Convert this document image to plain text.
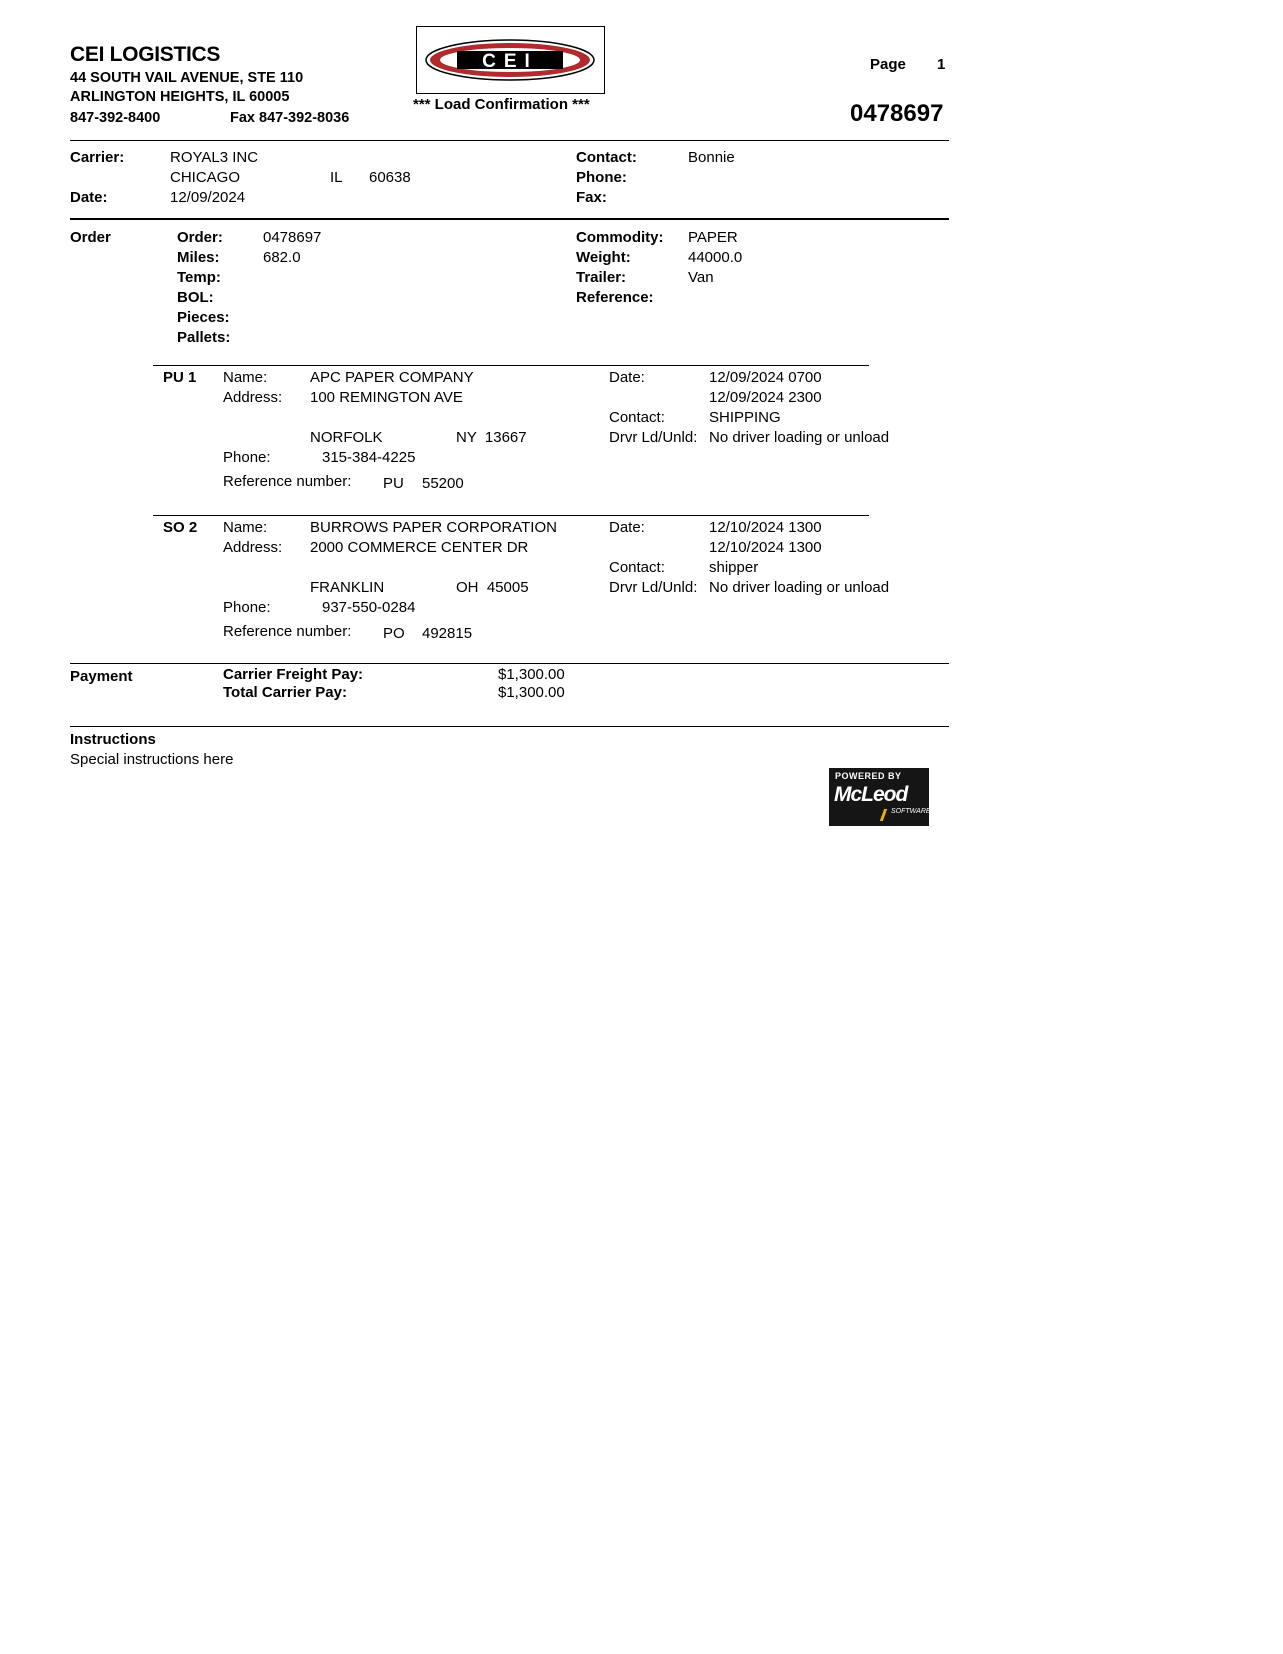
CEI LOGISTICS
44 SOUTH VAIL AVENUE, STE 110
ARLINGTON HEIGHTS, IL 60005
847-392-8400	Fax 847-392-8036
CEI
*** Load Confirmation ***
Page 1
0478697
Carrier:	ROYAL3 INC
CHICAGO	IL 60638
Date:	12/09/2024
Contact:	Bonnie
Phone:
Fax:
Order	Order:	0478697
Miles:	682.0
Temp:
BOL:
Pieces:
Pallets:
Commodity: PAPER
Weight:	44000.0
Trailer:	Van
Reference:
PU 1 Name:	APC PAPER COMPANY
Address: 100 REMINGTON AVE
NORFOLK	NY  13667
Phone:	315-384-4225
Reference number: PU 55200
Date:	12/09/2024 0700
12/09/2024 2300
Contact:	SHIPPING
Drvr Ld/Unld: No driver loading or unload
SO 2 Name:	BURROWS PAPER CORPORATION
Address: 2000 COMMERCE CENTER DR
FRANKLIN	OH  45005
Phone:	937-550-0284
Reference number: PO 492815
Date:	12/10/2024 1300
12/10/2024 1300
Contact:	shipper
Drvr Ld/Unld: No driver loading or unload
Payment	Carrier Freight Pay:	$1,300.00
Total Carrier Pay:	$1,300.00
Instructions
Special instructions here
POWERED BY
McLeod
SOFTWARE
